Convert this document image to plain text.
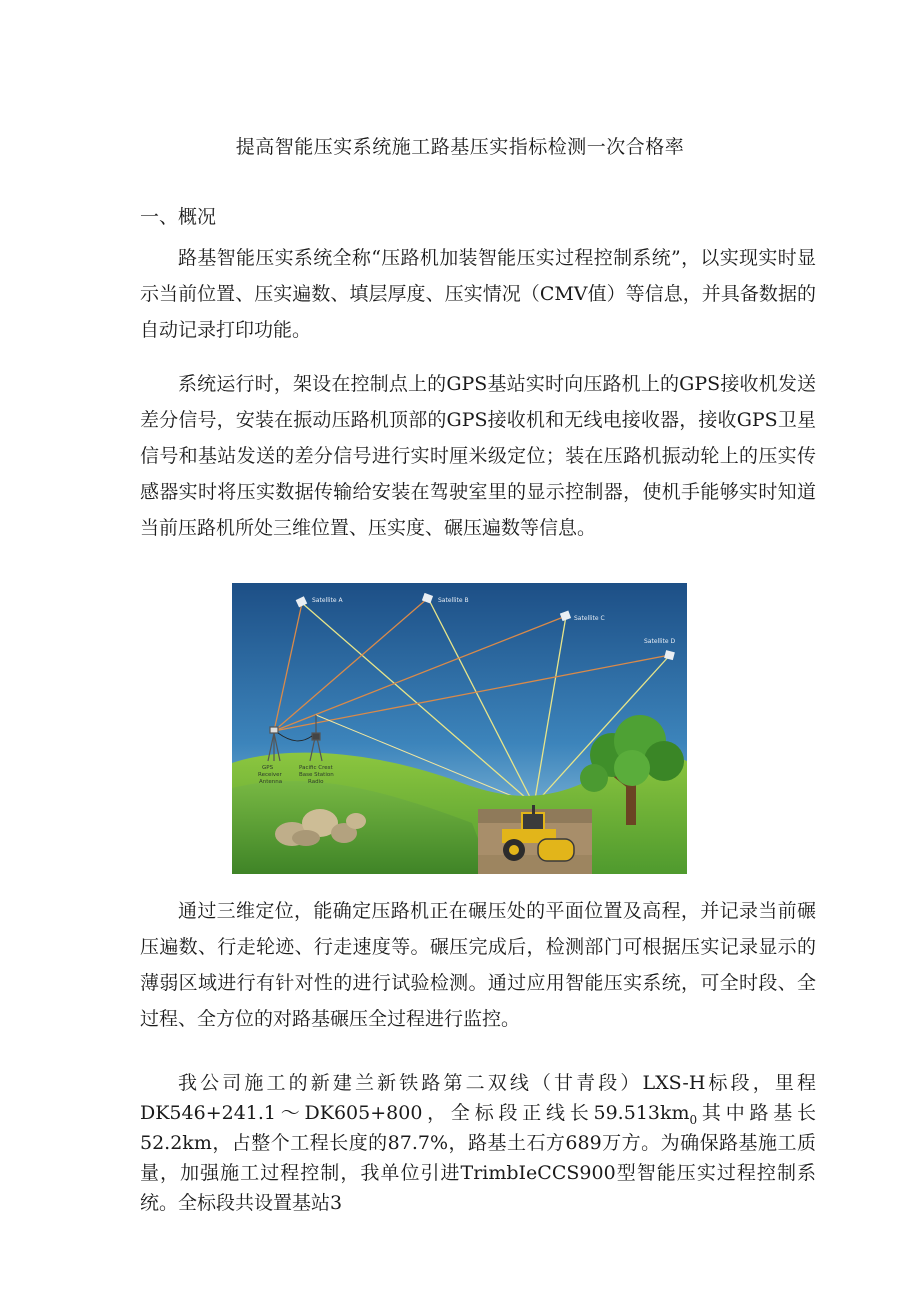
提高智能压实系统施工路基压实指标检测一次合格率
一、概况

路基智能压实系统全称“压路机加装智能压实过程控制系统”，以实现实时显示当前位置、压实遍数、填层厚度、压实情况（CMV值）等信息，并具备数据的自动记录打印功能。

系统运行时，架设在控制点上的GPS基站实时向压路机上的GPS接收机发送差分信号，安装在振动压路机顶部的GPS接收机和无线电接收器，接收GPS卫星信号和基站发送的差分信号进行实时厘米级定位；装在压路机振动轮上的压实传感器实时将压实数据传输给安装在驾驶室里的显示控制器，使机手能够实时知道当前压路机所处三维位置、压实度、碾压遍数等信息。

Satellite A	Satellite B
Satellite C
Satellite D
GPS
Receiver
Antenna
Pacific Crest
Base Station
Radio

通过三维定位，能确定压路机正在碾压处的平面位置及高程，并记录当前碾压遍数、行走轮迹、行走速度等。碾压完成后，检测部门可根据压实记录显示的薄弱区域进行有针对性的进行试验检测。通过应用智能压实系统，可全时段、全过程、全方位的对路基碾压全过程进行监控。

我公司施工的新建兰新铁路第二双线（甘青段）LXS-H标段，里程DK546+241.1～DK605+800，全标段正线长$59.513km_0$其中路基长52.2km，占整个工程长度的87.7%，路基土石方689万方。为确保路基施工质量，加强施工过程控制，我单位引进TrimbIeCCS900型智能压实过程控制系统。全标段共设置基站3
